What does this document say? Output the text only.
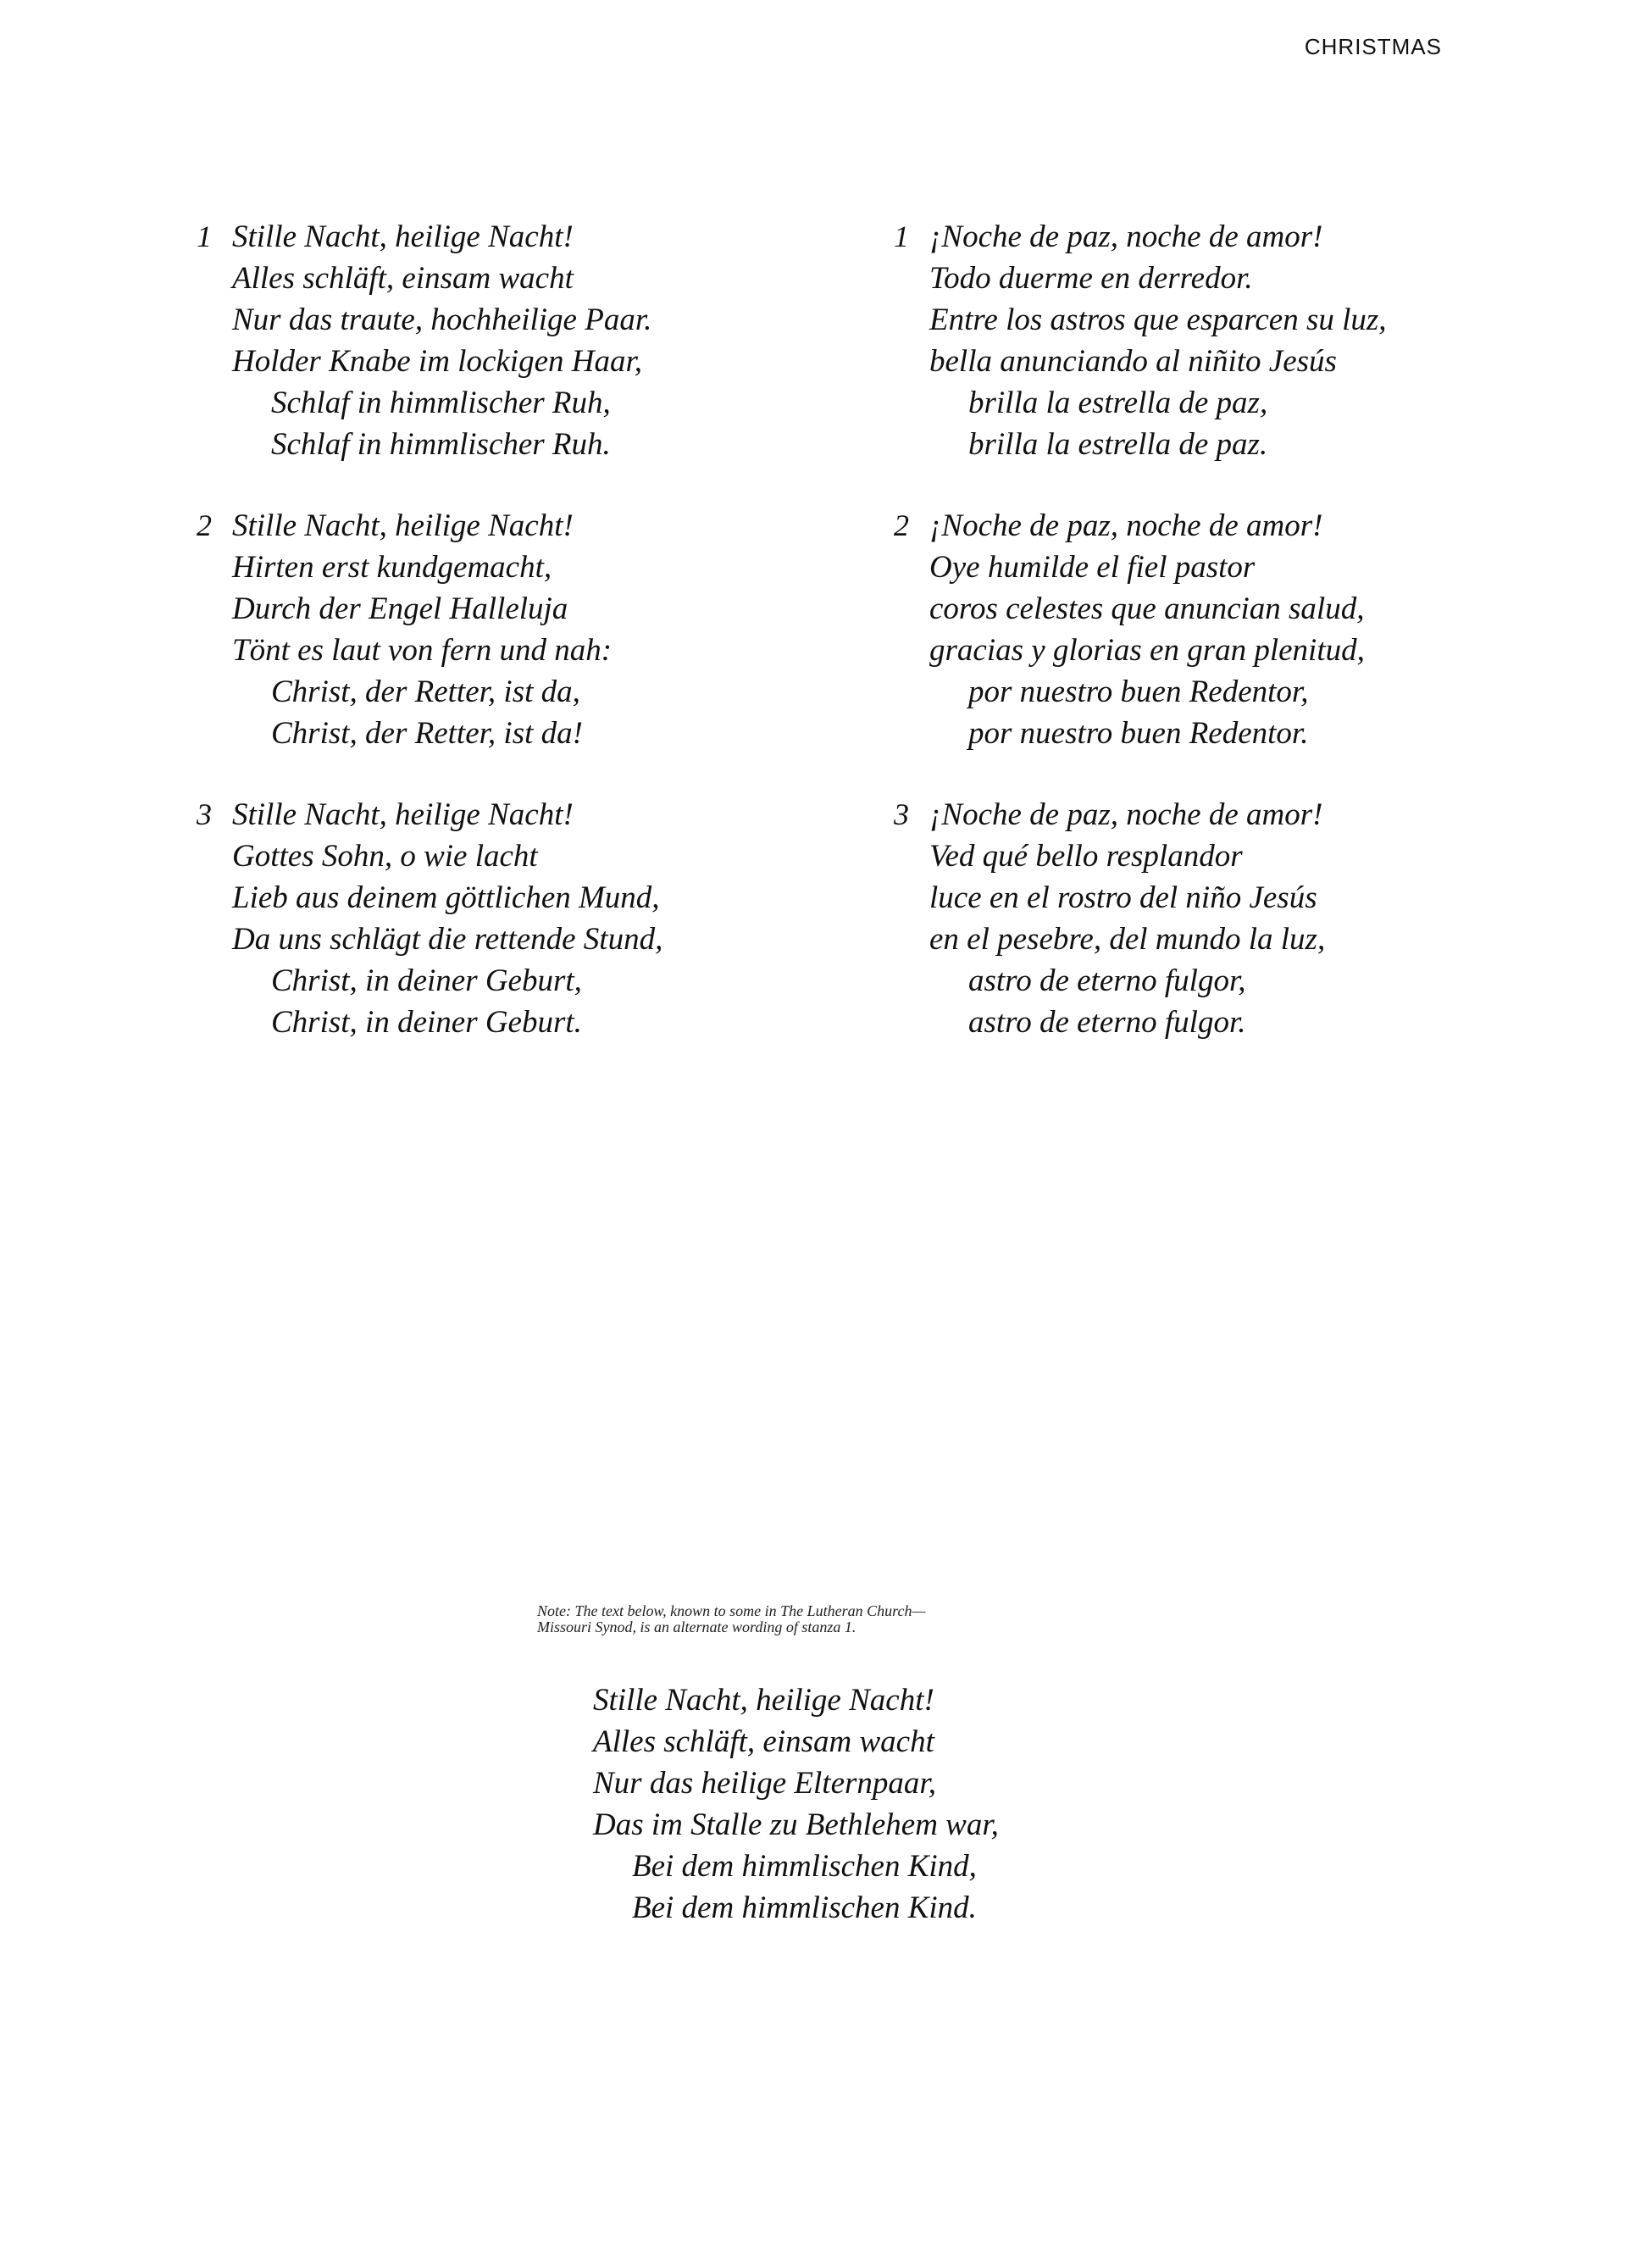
CHRISTMAS
1 Stille Nacht, heilige Nacht!
Alles schläft, einsam wacht
Nur das traute, hochheilige Paar.
Holder Knabe im lockigen Haar,
Schlaf in himmlischer Ruh,
Schlaf in himmlischer Ruh.
2 Stille Nacht, heilige Nacht!
Hirten erst kundgemacht,
Durch der Engel Halleluja
Tönt es laut von fern und nah:
Christ, der Retter, ist da,
Christ, der Retter, ist da!
3 Stille Nacht, heilige Nacht!
Gottes Sohn, o wie lacht
Lieb aus deinem göttlichen Mund,
Da uns schlägt die rettende Stund,
Christ, in deiner Geburt,
Christ, in deiner Geburt.
1 ¡Noche de paz, noche de amor!
Todo duerme en derredor.
Entre los astros que esparcen su luz,
bella anunciando al niñito Jesús
brilla la estrella de paz,
brilla la estrella de paz.
2 ¡Noche de paz, noche de amor!
Oye humilde el fiel pastor
coros celestes que anuncian salud,
gracias y glorias en gran plenitud,
por nuestro buen Redentor,
por nuestro buen Redentor.
3 ¡Noche de paz, noche de amor!
Ved qué bello resplandor
luce en el rostro del niño Jesús
en el pesebre, del mundo la luz,
astro de eterno fulgor,
astro de eterno fulgor.
Note: The text below, known to some in The Lutheran Church—
Missouri Synod, is an alternate wording of stanza 1.
Stille Nacht, heilige Nacht!
Alles schläft, einsam wacht
Nur das heilige Elternpaar,
Das im Stalle zu Bethlehem war,
Bei dem himmlischen Kind,
Bei dem himmlischen Kind.
